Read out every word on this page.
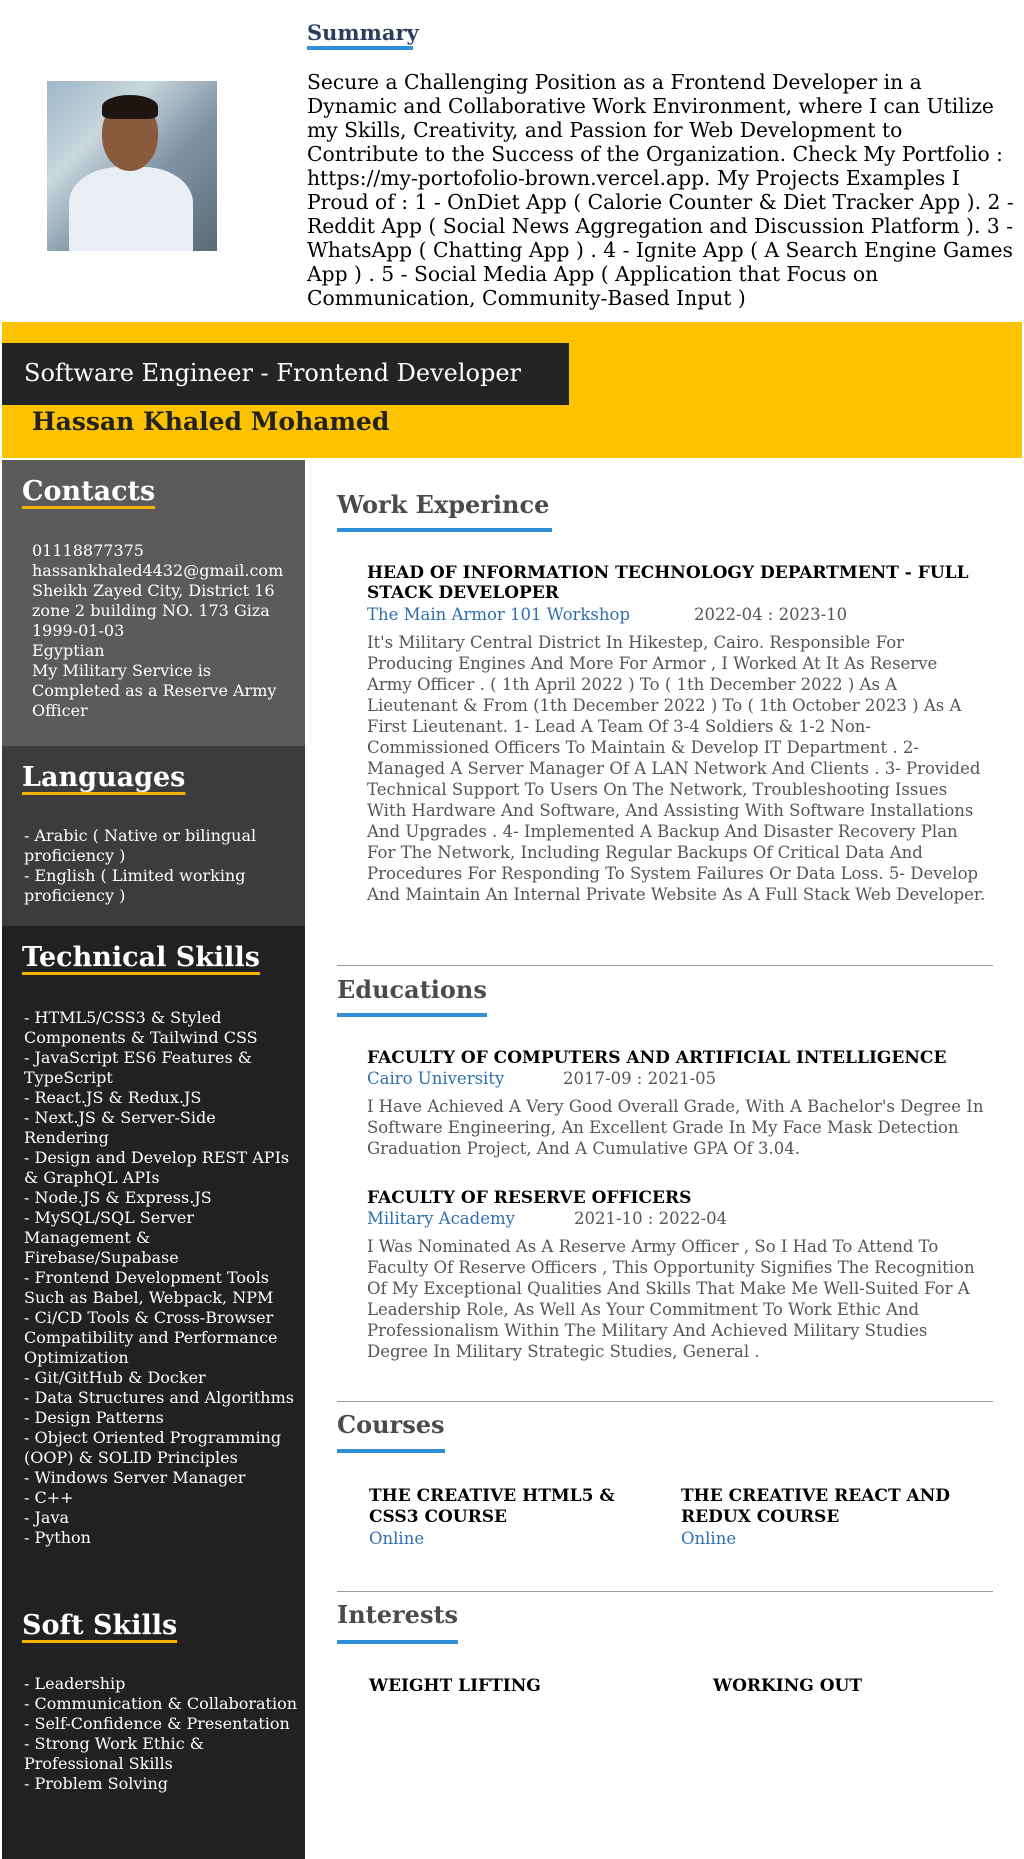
Summary
Secure a Challenging Position as a Frontend Developer in a Dynamic and Collaborative Work Environment, where I can Utilize my Skills, Creativity, and Passion for Web Development to Contribute to the Success of the Organization. Check My Portfolio : https://my-portofolio-brown.vercel.app. My Projects Examples I Proud of : 1 - OnDiet App ( Calorie Counter & Diet Tracker App ). 2 - Reddit App ( Social News Aggregation and Discussion Platform ). 3 - WhatsApp ( Chatting App ) . 4 - Ignite App ( A Search Engine Games App ) . 5 - Social Media App ( Application that Focus on Communication, Community-Based Input )
Software Engineer - Frontend Developer
Hassan Khaled Mohamed
Contacts
01118877375
hassankhaled4432@gmail.com
Sheikh Zayed City, District 16 zone 2 building NO. 173 Giza
1999-01-03
Egyptian
My Military Service is Completed as a Reserve Army Officer
Languages
- Arabic ( Native or bilingual proficiency )
- English ( Limited working proficiency )
Technical Skills
- HTML5/CSS3 & Styled Components & Tailwind CSS
- JavaScript ES6 Features & TypeScript
- React.JS & Redux.JS
- Next.JS & Server-Side Rendering
- Design and Develop REST APIs & GraphQL APIs
- Node.JS & Express.JS
- MySQL/SQL Server Management & Firebase/Supabase
- Frontend Development Tools Such as Babel, Webpack, NPM
- Ci/CD Tools & Cross-Browser Compatibility and Performance Optimization
- Git/GitHub & Docker
- Data Structures and Algorithms
- Design Patterns
- Object Oriented Programming (OOP) & SOLID Principles
- Windows Server Manager
- C++
- Java
- Python
Soft Skills
- Leadership
- Communication & Collaboration
- Self-Confidence & Presentation
- Strong Work Ethic & Professional Skills
- Problem Solving
Work Experince
HEAD OF INFORMATION TECHNOLOGY DEPARTMENT - FULL STACK DEVELOPER
The Main Armor 101 Workshop	2022-04 : 2023-10
It's Military Central District In Hikestep, Cairo. Responsible For Producing Engines And More For Armor , I Worked At It As Reserve Army Officer . ( 1th April 2022 ) To ( 1th December 2022 ) As A Lieutenant & From (1th December 2022 ) To ( 1th October 2023 ) As A First Lieutenant. 1- Lead A Team Of 3-4 Soldiers & 1-2 Non-Commissioned Officers To Maintain & Develop IT Department . 2- Managed A Server Manager Of A LAN Network And Clients . 3- Provided Technical Support To Users On The Network, Troubleshooting Issues With Hardware And Software, And Assisting With Software Installations And Upgrades . 4- Implemented A Backup And Disaster Recovery Plan For The Network, Including Regular Backups Of Critical Data And Procedures For Responding To System Failures Or Data Loss. 5- Develop And Maintain An Internal Private Website As A Full Stack Web Developer.
Educations
FACULTY OF COMPUTERS AND ARTIFICIAL INTELLIGENCE
Cairo University	2017-09 : 2021-05
I Have Achieved A Very Good Overall Grade, With A Bachelor's Degree In Software Engineering, An Excellent Grade In My Face Mask Detection Graduation Project, And A Cumulative GPA Of 3.04.
FACULTY OF RESERVE OFFICERS
Military Academy	2021-10 : 2022-04
I Was Nominated As A Reserve Army Officer , So I Had To Attend To Faculty Of Reserve Officers , This Opportunity Signifies The Recognition Of My Exceptional Qualities And Skills That Make Me Well-Suited For A Leadership Role, As Well As Your Commitment To Work Ethic And Professionalism Within The Military And Achieved Military Studies Degree In Military Strategic Studies, General .
Courses
THE CREATIVE HTML5 & CSS3 COURSE
Online
THE CREATIVE REACT AND REDUX COURSE
Online
Interests
WEIGHT LIFTING	WORKING OUT
